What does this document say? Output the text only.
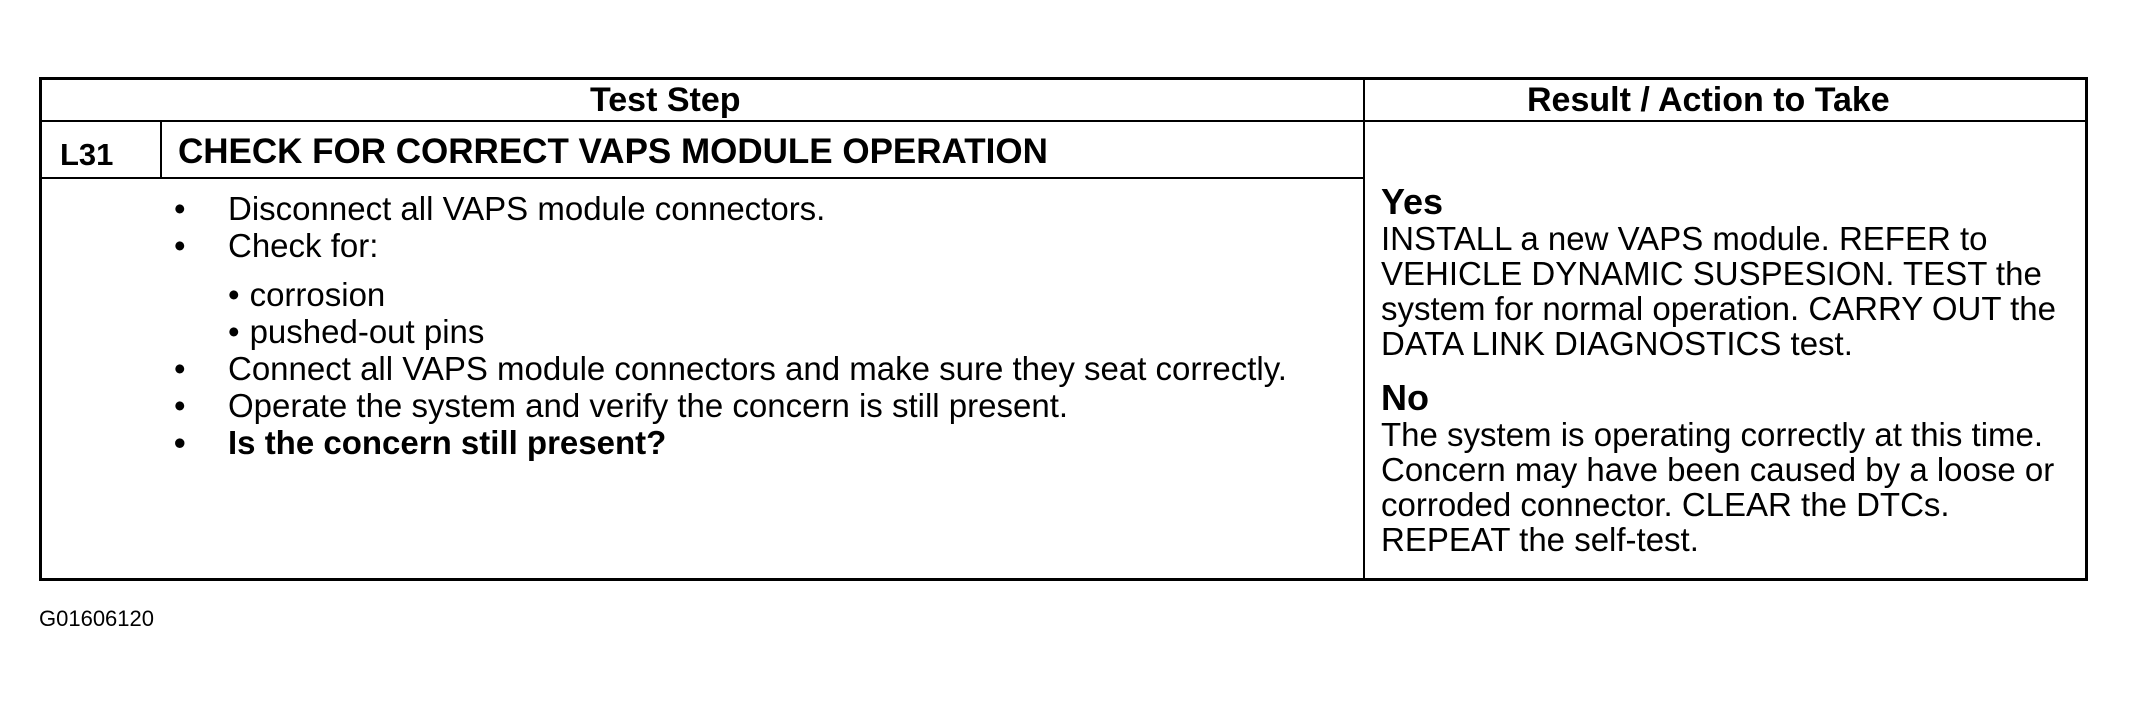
Test Step	Result / Action to Take
L31 CHECK FOR CORRECT VAPS MODULE OPERATION
• Disconnect all VAPS module connectors.
• Check for:
• corrosion
• pushed-out pins
• Connect all VAPS module connectors and make sure they seat correctly.
• Operate the system and verify the concern is still present.
• Is the concern still present?
Yes

INSTALL a new VAPS module. REFER to VEHICLE DYNAMIC SUSPESION. TEST the system for normal operation. CARRY OUT the DATA LINK DIAGNOSTICS test.

No

The system is operating correctly at this time. Concern may have been caused by a loose or corroded connector. CLEAR the DTCs. REPEAT the self-test.

G01606120
